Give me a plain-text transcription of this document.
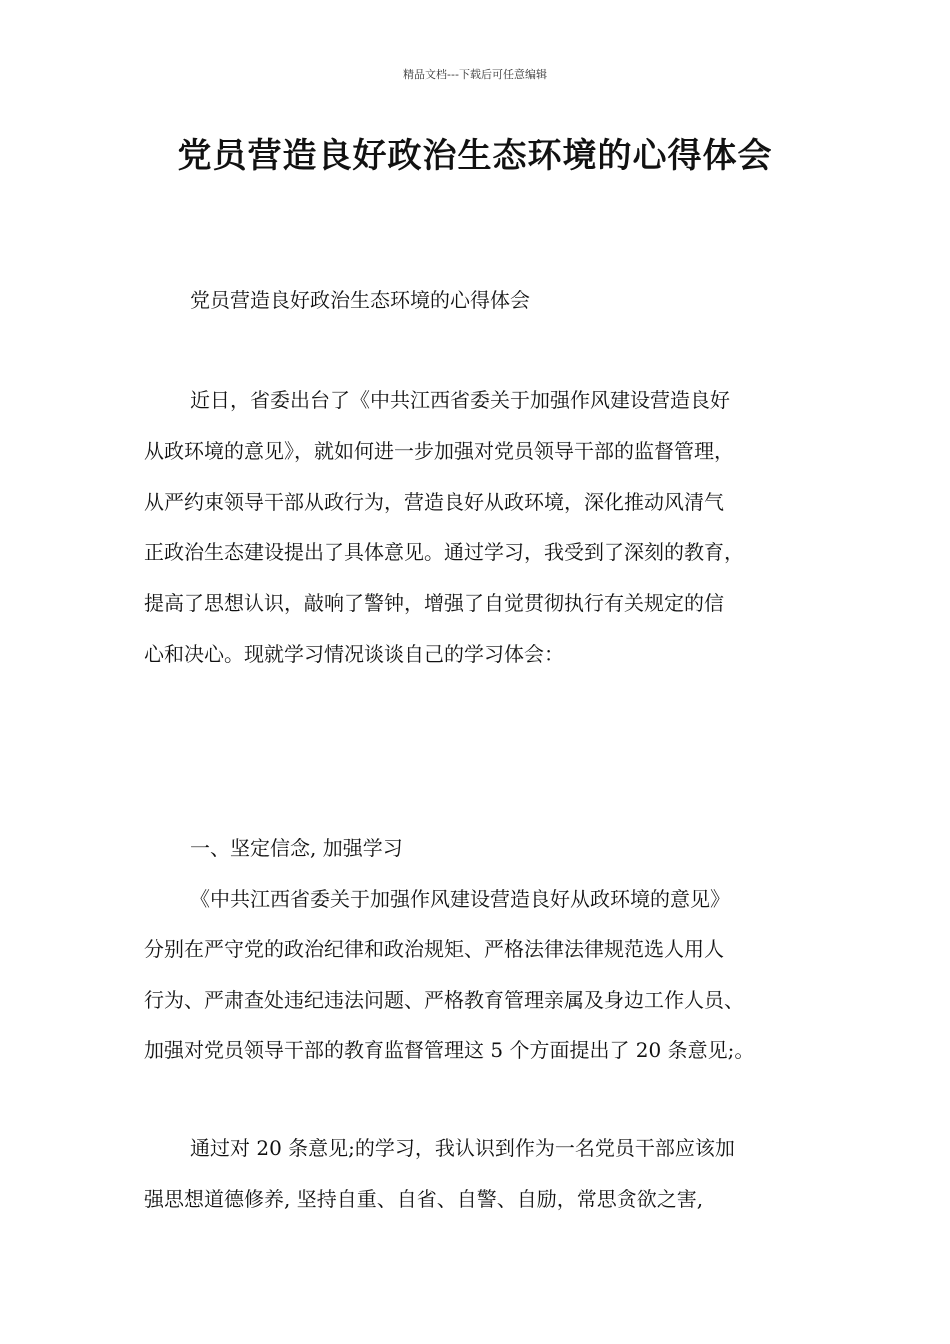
精品文档---下载后可任意编辑
党员营造良好政治生态环境的心得体会
党员营造良好政治生态环境的心得体会
近日，省委出台了《中共江西省委关于加强作风建设营造良好
从政环境的意见》，就如何进一步加强对党员领导干部的监督管理，
从严约束领导干部从政行为，营造良好从政环境，深化推动风清气
正政治生态建设提出了具体意见。通过学习，我受到了深刻的教育，
提高了思想认识，敲响了警钟，增强了自觉贯彻执行有关规定的信
心和决心。现就学习情况谈谈自己的学习体会：
一、坚定信念, 加强学习
《中共江西省委关于加强作风建设营造良好从政环境的意见》
分别在严守党的政治纪律和政治规矩、严格法律法律规范选人用人
行为、严肃查处违纪违法问题、严格教育管理亲属及身边工作人员、
加强对党员领导干部的教育监督管理这 5 个方面提出了 20 条意见;。
通过对 20 条意见;的学习，我认识到作为一名党员干部应该加
强思想道德修养, 坚持自重、自省、自警、自励，常思贪欲之害,
